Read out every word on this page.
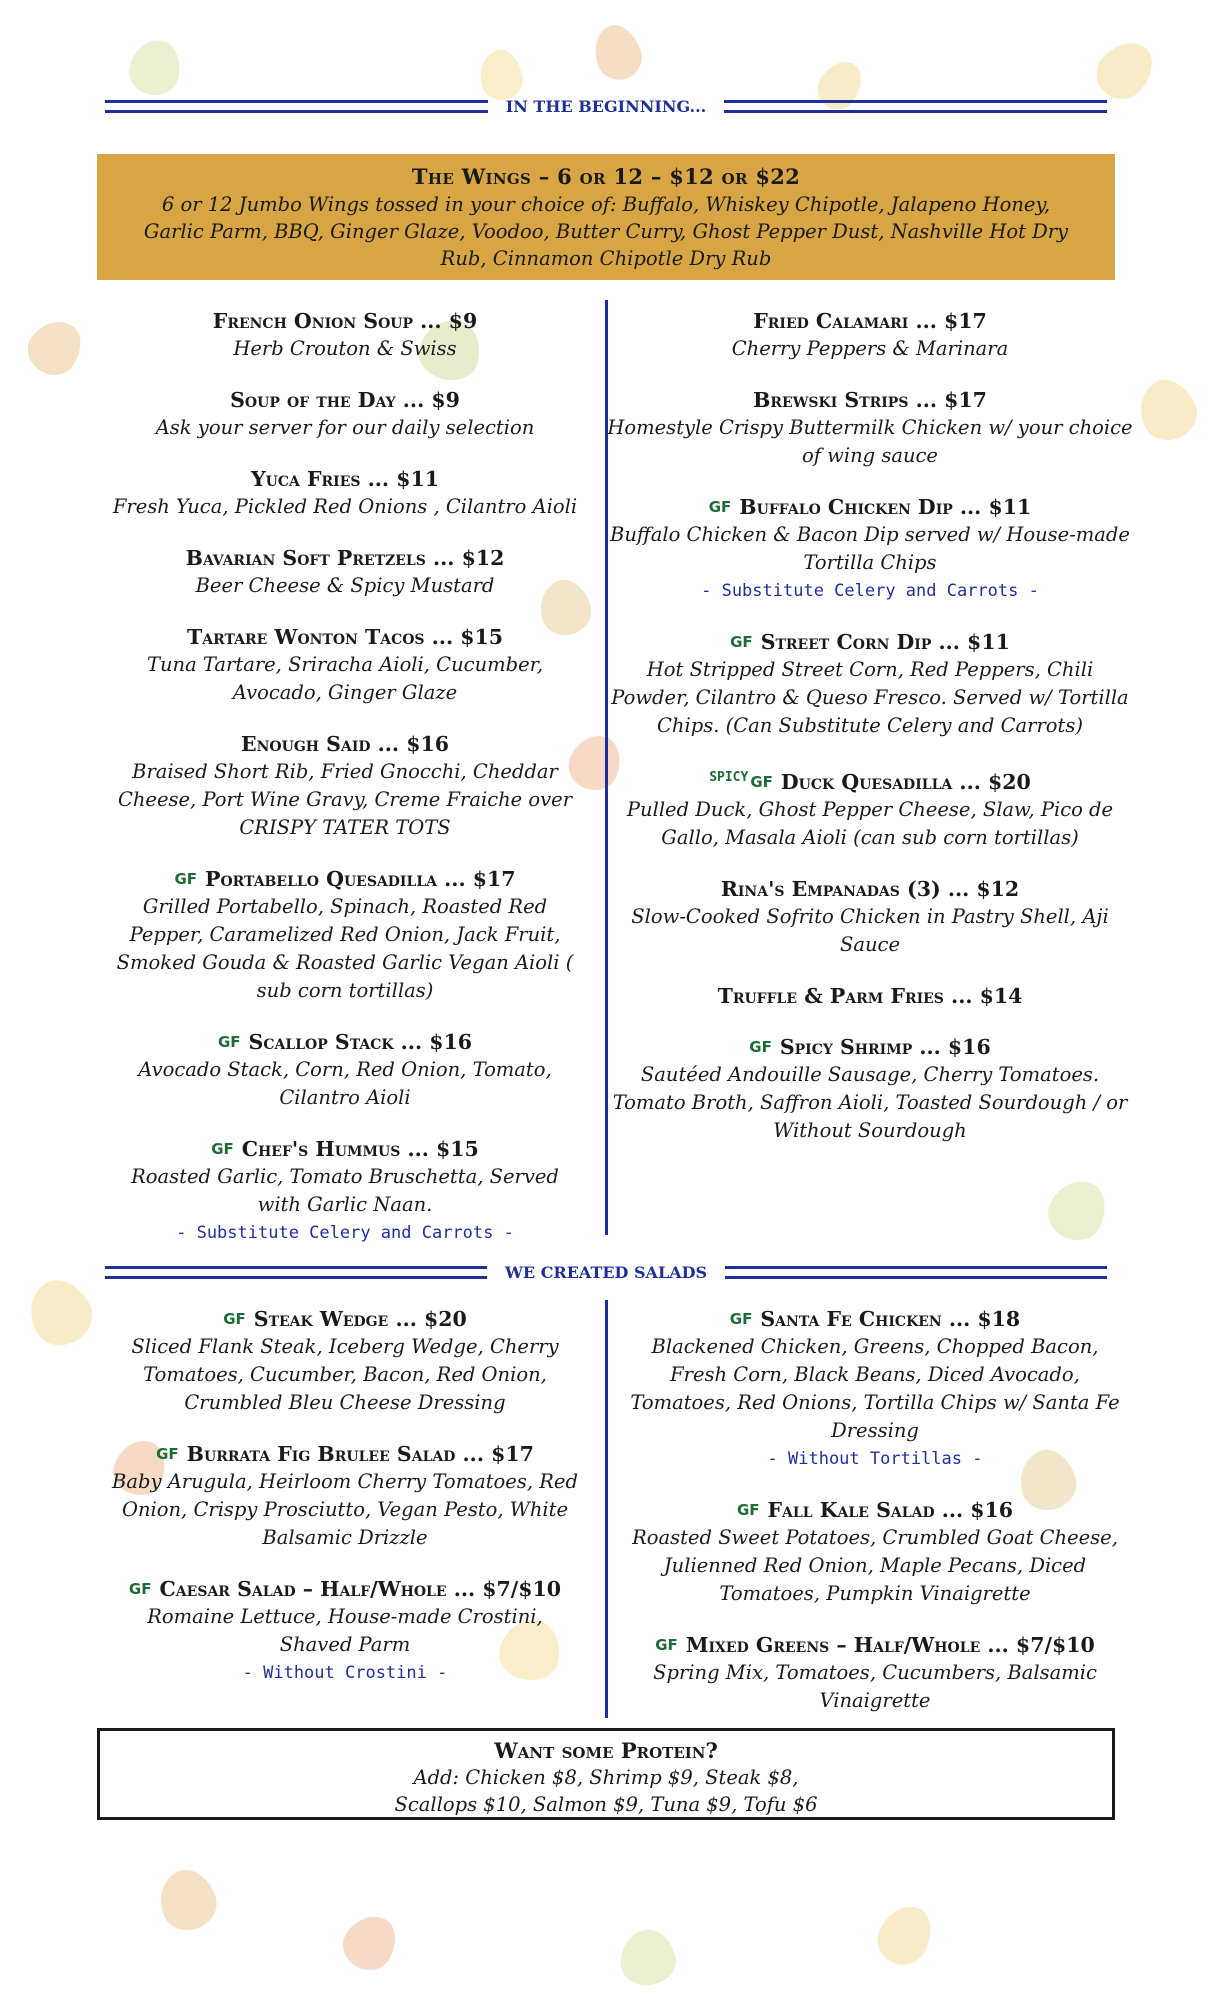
IN THE BEGINNING...
The Wings – 6 or 12 – $12 or $22
6 or 12 Jumbo Wings tossed in your choice of: Buffalo, Whiskey Chipotle, Jalapeno Honey, Garlic Parm, BBQ, Ginger Glaze, Voodoo, Butter Curry, Ghost Pepper Dust, Nashville Hot Dry Rub, Cinnamon Chipotle Dry Rub
French Onion Soup ... $9
Herb Crouton & Swiss
Soup of the Day ... $9
Ask your server for our daily selection
Yuca Fries ... $11
Fresh Yuca, Pickled Red Onions , Cilantro Aioli
Bavarian Soft Pretzels ... $12
Beer Cheese & Spicy Mustard
Tartare Wonton Tacos ... $15
Tuna Tartare, Sriracha Aioli, Cucumber, Avocado, Ginger Glaze
Enough Said ... $16
Braised Short Rib, Fried Gnocchi, Cheddar Cheese, Port Wine Gravy, Creme Fraiche over CRISPY TATER TOTS
GF Portabello Quesadilla ... $17
Grilled Portabello, Spinach, Roasted Red Pepper, Caramelized Red Onion, Jack Fruit, Smoked Gouda & Roasted Garlic Vegan Aioli ( sub corn tortillas)
GF Scallop Stack ... $16
Avocado Stack, Corn, Red Onion, Tomato, Cilantro Aioli
GF Chef's Hummus ... $15
Roasted Garlic, Tomato Bruschetta, Served with Garlic Naan.
- Substitute Celery and Carrots -
Fried Calamari ... $17
Cherry Peppers & Marinara
Brewski Strips ... $17
Homestyle Crispy Buttermilk Chicken w/ your choice of wing sauce
GF Buffalo Chicken Dip ... $11
Buffalo Chicken & Bacon Dip served w/ House-made Tortilla Chips
- Substitute Celery and Carrots -
GF Street Corn Dip ... $11
Hot Stripped Street Corn, Red Peppers, Chili Powder, Cilantro & Queso Fresco. Served w/ Tortilla Chips. (Can Substitute Celery and Carrots)
$^{SPICY}$ GF Duck Quesadilla ... $20
Pulled Duck, Ghost Pepper Cheese, Slaw, Pico de Gallo, Masala Aioli (can sub corn tortillas)
Rina's Empanadas (3) ... $12
Slow-Cooked Sofrito Chicken in Pastry Shell, Aji Sauce
Truffle & Parm Fries ... $14
GF Spicy Shrimp ... $16
Sautéed Andouille Sausage, Cherry Tomatoes. Tomato Broth, Saffron Aioli, Toasted Sourdough / or Without Sourdough
WE CREATED SALADS
GF Steak Wedge ... $20
Sliced Flank Steak, Iceberg Wedge, Cherry Tomatoes, Cucumber, Bacon, Red Onion, Crumbled Bleu Cheese Dressing
GF Burrata Fig Brulee Salad ... $17
Baby Arugula, Heirloom Cherry Tomatoes, Red Onion, Crispy Prosciutto, Vegan Pesto, White Balsamic Drizzle
GF Caesar Salad – Half/Whole ... $7/$10
Romaine Lettuce, House-made Crostini, Shaved Parm
- Without Crostini -
GF Santa Fe Chicken ... $18
Blackened Chicken, Greens, Chopped Bacon, Fresh Corn, Black Beans, Diced Avocado, Tomatoes, Red Onions, Tortilla Chips w/ Santa Fe Dressing
- Without Tortillas -
GF Fall Kale Salad ... $16
Roasted Sweet Potatoes, Crumbled Goat Cheese, Julienned Red Onion, Maple Pecans, Diced Tomatoes, Pumpkin Vinaigrette
GF Mixed Greens – Half/Whole ... $7/$10
Spring Mix, Tomatoes, Cucumbers, Balsamic Vinaigrette
Want some Protein?
Add: Chicken $8, Shrimp $9, Steak $8,
Scallops $10, Salmon $9, Tuna $9, Tofu $6
